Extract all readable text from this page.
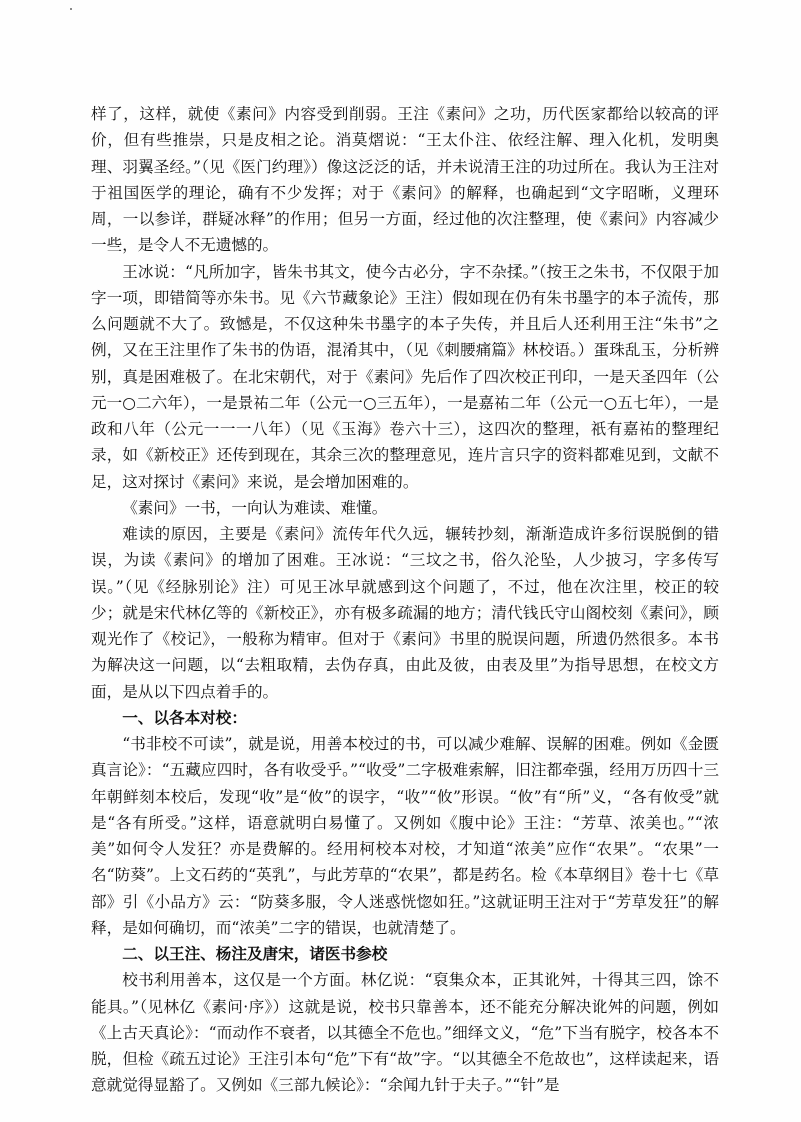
样了，这样，就使《素问》内容受到削弱。王注《素问》之功，历代医家都给以较高的评价，但有些推崇，只是皮相之论。消莫熠说：“王太仆注、依经注解、理入化机，发明奥理、羽翼圣经。”（见《医门约理》）像这泛泛的话，并未说清王注的功过所在。我认为王注对于祖国医学的理论，确有不少发挥；对于《素问》的解释，也确起到“文字昭晰，义理环周，一以参详，群疑冰释”的作用；但另一方面，经过他的次注整理，使《素问》内容减少一些，是令人不无遗憾的。

王冰说：“凡所加字，皆朱书其文，使今古必分，字不杂揉。”（按王之朱书，不仅限于加字一项，即错简等亦朱书。见《六节藏象论》王注）假如现在仍有朱书墨字的本子流传，那么问题就不大了。致憾是，不仅这种朱书墨字的本子失传，并且后人还利用王注“朱书”之例，又在王注里作了朱书的伪语，混淆其中，（见《刺腰痛篇》林校语。）蛋珠乱玉，分析辨别，真是困难极了。在北宋朝代，对于《素问》先后作了四次校正刊印，一是天圣四年（公元一○二六年），一是景祐二年（公元一○三五年），一是嘉祐二年（公元一○五七年），一是政和八年（公元一一一八年）（见《玉海》卷六十三），这四次的整理，祇有嘉祐的整理纪录，如《新校正》还传到现在，其余三次的整理意见，连片言只字的资料都难见到，文献不足，这对探讨《素问》来说，是会增加困难的。

《素问》一书，一向认为难读、难懂。

难读的原因，主要是《素问》流传年代久远，辗转抄刻，渐渐造成许多衍误脱倒的错误，为读《素问》的增加了困难。王冰说：“三坟之书，俗久沦坠，人少披习，字多传写误。”（见《经脉别论》注）可见王冰早就感到这个问题了，不过，他在次注里，校正的较少；就是宋代林亿等的《新校正》，亦有极多疏漏的地方；清代钱氏守山阁校刻《素问》，顾观光作了《校记》，一般称为精审。但对于《素问》书里的脱误问题，所遗仍然很多。本书为解决这一问题，以“去粗取精，去伪存真，由此及彼，由表及里”为指导思想，在校文方面，是从以下四点着手的。

一、以各本对校：

“书非校不可读”，就是说，用善本校过的书，可以减少难解、误解的困难。例如《金匮真言论》：“五藏应四时，各有收受乎。”“收受”二字极难索解，旧注都牵强，经用万历四十三年朝鲜刻本校后，发现“收”是“攸”的误字，“收”“攸”形误。“攸”有“所”义，“各有攸受”就是“各有所受。”这样，语意就明白易懂了。又例如《腹中论》王注：“芳草、浓美也。”“浓美”如何令人发狂？亦是费解的。经用柯校本对校，才知道“浓美”应作“农果”。“农果”一名“防葵”。上文石药的“英乳”，与此芳草的“农果”，都是药名。检《本草纲目》卷十七《草部》引《小品方》云：“防葵多服，令人迷惑恍惚如狂。”这就证明王注对于“芳草发狂”的解释，是如何确切，而“浓美”二字的错误，也就清楚了。

二、以王注、杨注及唐宋，诸医书参校

校书利用善本，这仅是一个方面。林亿说：“裒集众本，正其讹舛，十得其三四，馀不能具。”（见林亿《素问·序》）这就是说，校书只靠善本，还不能充分解决讹舛的问题，例如《上古天真论》：“而动作不衰者，以其德全不危也。”细绎文义，“危”下当有脱字，校各本不脱，但检《疏五过论》王注引本句“危”下有“故”字。“以其德全不危故也”，这样读起来，语意就觉得显豁了。又例如《三部九候论》：“余闻九针于夫子。”“针”是
